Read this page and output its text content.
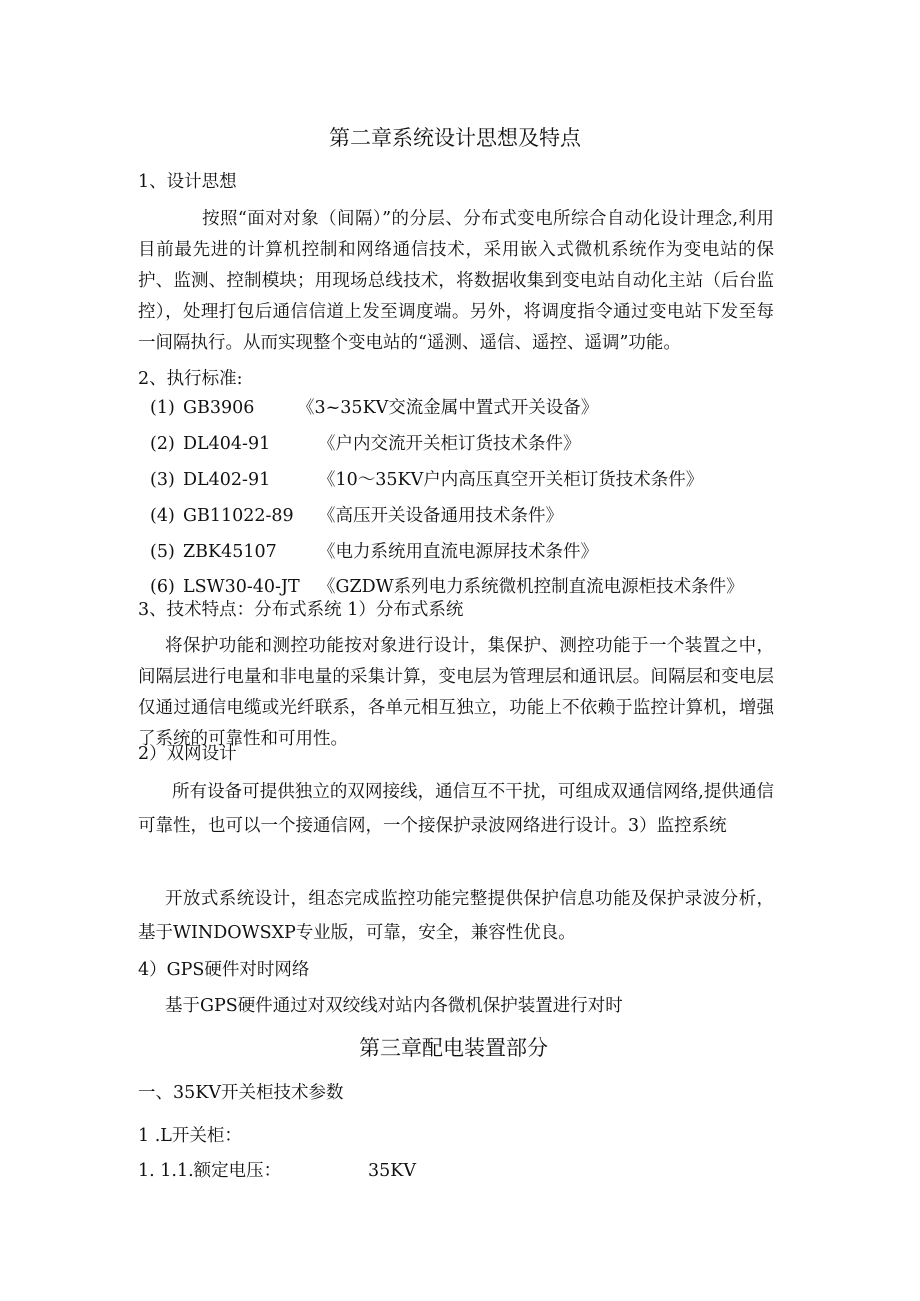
第二章系统设计思想及特点
1、设计思想
按照“面对对象（间隔）”的分层、分布式变电所综合自动化设计理念,利用目前最先进的计算机控制和网络通信技术，采用嵌入式微机系统作为变电站的保护、监测、控制模块；用现场总线技术，将数据收集到变电站自动化主站（后台监控），处理打包后通信信道上发至调度端。另外，将调度指令通过变电站下发至每一间隔执行。从而实现整个变电站的“遥测、遥信、遥控、遥调”功能。
2、执行标准:
(1) GB3906 《3~35KV交流金属中置式开关设备》
(2) DL404-91	《户内交流开关柜订货技术条件》
(3) DL402-91	《10～35KV户内高压真空开关柜订货技术条件》
(4) GB11022-89 《高压开关设备通用技术条件》
(5) ZBK45107 《电力系统用直流电源屏技术条件》
(6) LSW30-40-JT 《GZDW系列电力系统微机控制直流电源柜技术条件》
3、技术特点：分布式系统 1）分布式系统
将保护功能和测控功能按对象进行设计，集保护、测控功能于一个装置之中，间隔层进行电量和非电量的采集计算，变电层为管理层和通讯层。间隔层和变电层仅通过通信电缆或光纤联系，各单元相互独立，功能上不依赖于监控计算机，增强了系统的可靠性和可用性。
2）双网设计
所有设备可提供独立的双网接线，通信互不干扰，可组成双通信网络,提供通信可靠性，也可以一个接通信网，一个接保护录波网络进行设计。3）监控系统
开放式系统设计，组态完成监控功能完整提供保护信息功能及保护录波分析，基于WINDOWSXP专业版，可靠，安全，兼容性优良。
4）GPS硬件对时网络
基于GPS硬件通过对双绞线对站内各微机保护装置进行对时
第三章配电装置部分
一、35KV开关柜技术参数
1 .L开关柜：
1. 1.1.额定电压：	35KV
